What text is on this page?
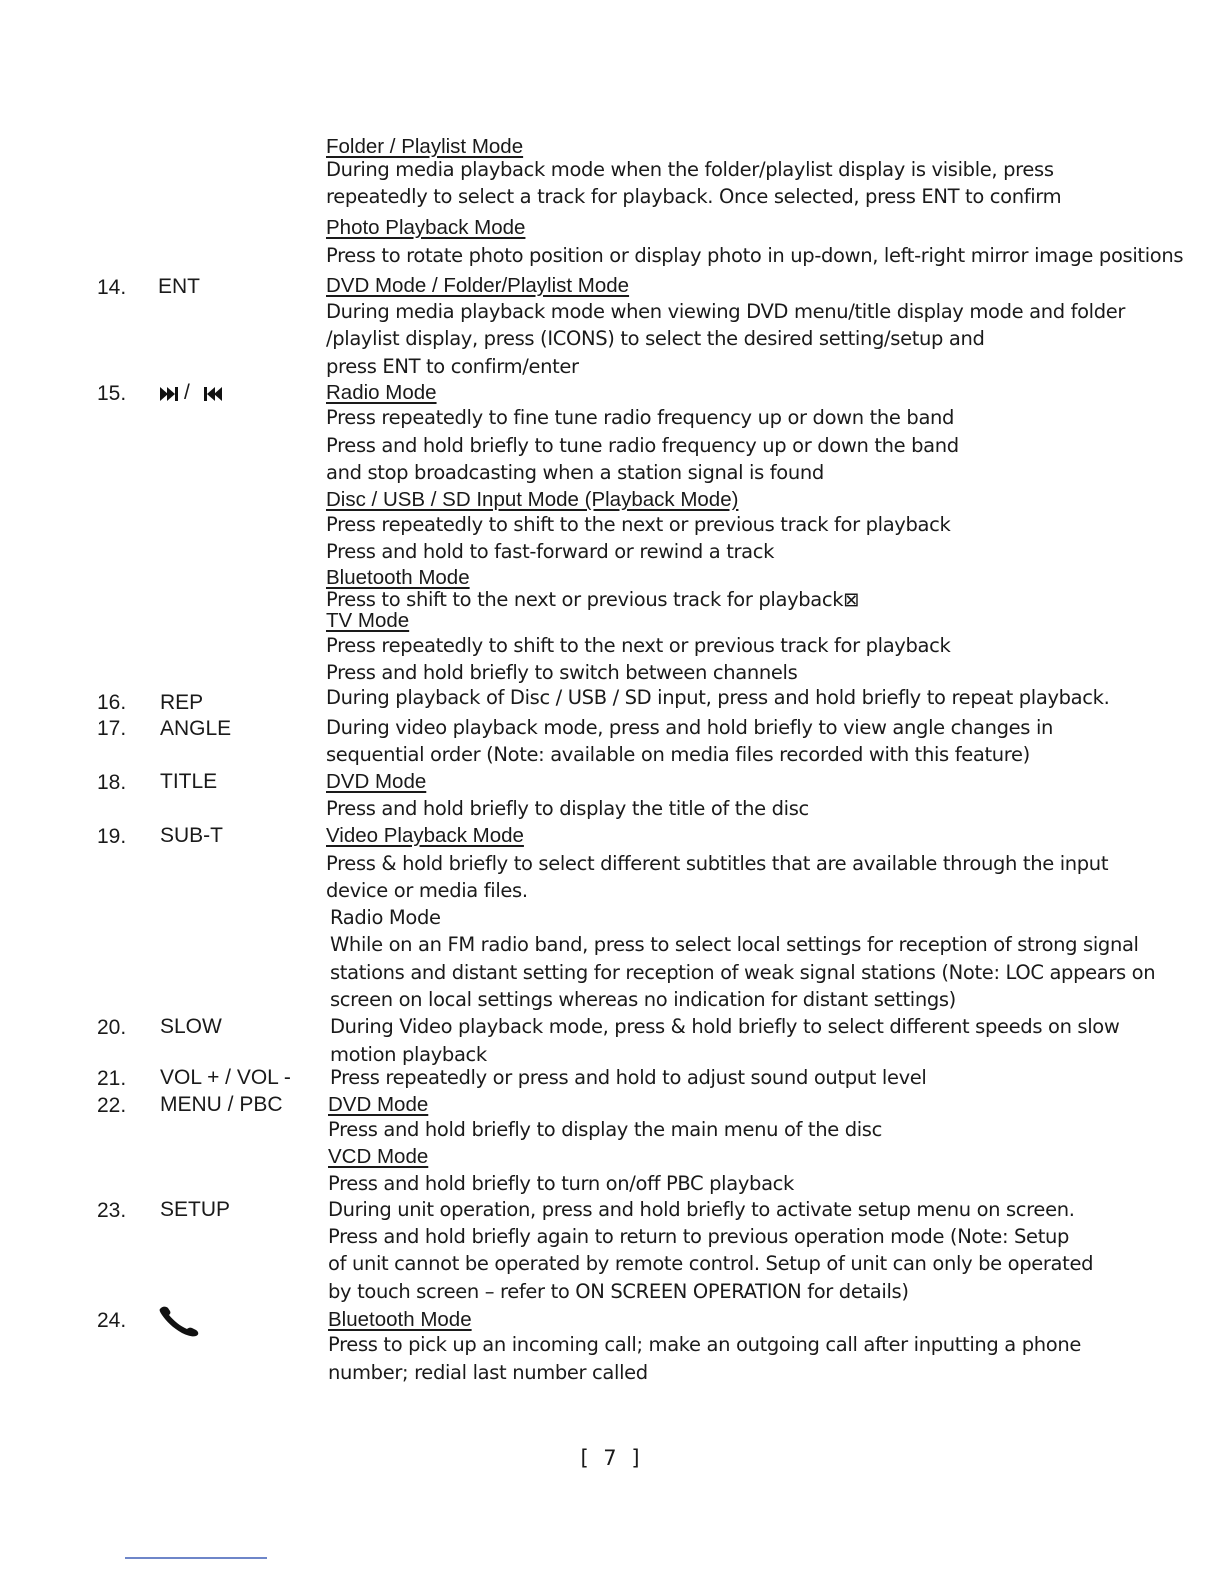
Folder / Playlist Mode
During media playback mode when the folder/playlist display is visible, press
repeatedly to select a track for playback. Once selected, press ENT to confirm
Photo Playback Mode
Press to rotate photo position or display photo in up-down, left-right mirror image positions
DVD Mode / Folder/Playlist Mode
During media playback mode when viewing DVD menu/title display mode and folder
/playlist display, press (ICONS) to select the desired setting/setup and
press ENT to confirm/enter
Radio Mode
Press repeatedly to fine tune radio frequency up or down the band
Press and hold briefly to tune radio frequency up or down the band
and stop broadcasting when a station signal is found
Disc / USB / SD Input Mode (Playback Mode)
Press repeatedly to shift to the next or previous track for playback
Press and hold to fast-forward or rewind a track
Bluetooth Mode
Press to shift to the next or previous track for playback⊠
TV Mode
Press repeatedly to shift to the next or previous track for playback
Press and hold briefly to switch between channels
During playback of Disc / USB / SD input, press and hold briefly to repeat playback.
During video playback mode, press and hold briefly to view angle changes in
sequential order (Note: available on media files recorded with this feature)
DVD Mode
Press and hold briefly to display the title of the disc
Video Playback Mode
Press & hold briefly to select different subtitles that are available through the input
device or media files.
Radio Mode
While on an FM radio band, press to select local settings for reception of strong signal
stations and distant setting for reception of weak signal stations (Note: LOC appears on
screen on local settings whereas no indication for distant settings)
During Video playback mode, press & hold briefly to select different speeds on slow
motion playback
Press repeatedly or press and hold to adjust sound output level
DVD Mode
Press and hold briefly to display the main menu of the disc
VCD Mode
Press and hold briefly to turn on/off PBC playback
During unit operation, press and hold briefly to activate setup menu on screen.
Press and hold briefly again to return to previous operation mode (Note: Setup
of unit cannot be operated by remote control. Setup of unit can only be operated
by touch screen – refer to ON SCREEN OPERATION for details)
Bluetooth Mode
Press to pick up an incoming call; make an outgoing call after inputting a phone
number; redial last number called
14. ENT
15.	/
16. REP
17. ANGLE
18. TITLE
19. SUB-T
20. SLOW
21. VOL + / VOL -
22. MENU / PBC
23. SETUP
24.
[ 7 ]
